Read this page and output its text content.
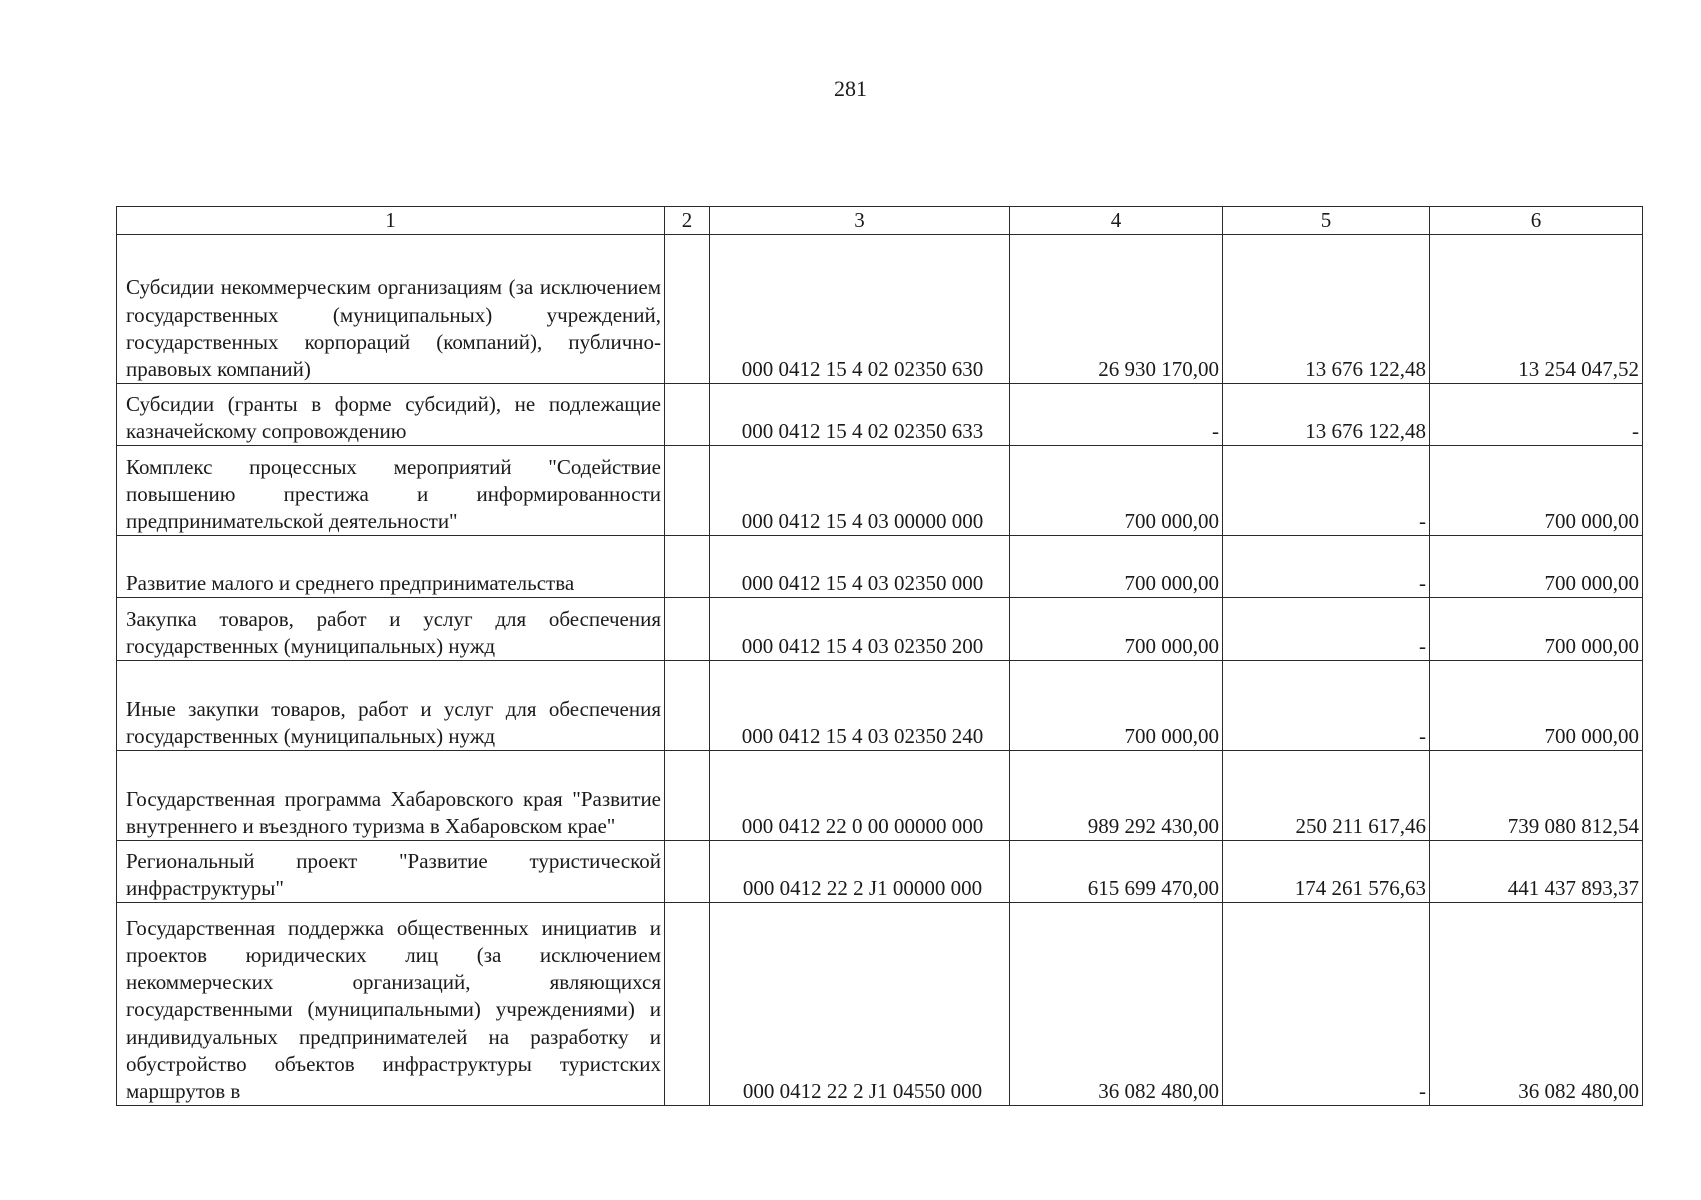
281
1	2	3	4	5	6
Субсидии некоммерческим организациям (за исключением государственных (муниципальных) учреждений, государственных корпораций (компаний), публично-правовых компаний)		000 0412 15 4 02 02350 630	26 930 170,00	13 676 122,48	13 254 047,52
Субсидии (гранты в форме субсидий), не подлежащие казначейскому сопровождению		000 0412 15 4 02 02350 633	-	13 676 122,48	-
Комплекс процессных мероприятий "Содействие повышению престижа и информированности предпринимательской деятельности"		000 0412 15 4 03 00000 000	700 000,00	-	700 000,00
Развитие малого и среднего предпринимательства		000 0412 15 4 03 02350 000	700 000,00	-	700 000,00
Закупка товаров, работ и услуг для обеспечения государственных (муниципальных) нужд		000 0412 15 4 03 02350 200	700 000,00	-	700 000,00
Иные закупки товаров, работ и услуг для обеспечения государственных (муниципальных) нужд		000 0412 15 4 03 02350 240	700 000,00	-	700 000,00
Государственная программа Хабаровского края "Развитие внутреннего и въездного туризма в Хабаровском крае"		000 0412 22 0 00 00000 000	989 292 430,00	250 211 617,46	739 080 812,54
Региональный проект "Развитие туристической инфраструктуры"		000 0412 22 2 J1 00000 000	615 699 470,00	174 261 576,63	441 437 893,37
Государственная поддержка общественных инициатив и проектов юридических лиц (за исключением некоммерческих организаций, являющихся государственными (муниципальными) учреждениями) и индивидуальных предпринимателей на разработку и обустройство объектов инфраструктуры туристских маршрутов в		000 0412 22 2 J1 04550 000	36 082 480,00	-	36 082 480,00
